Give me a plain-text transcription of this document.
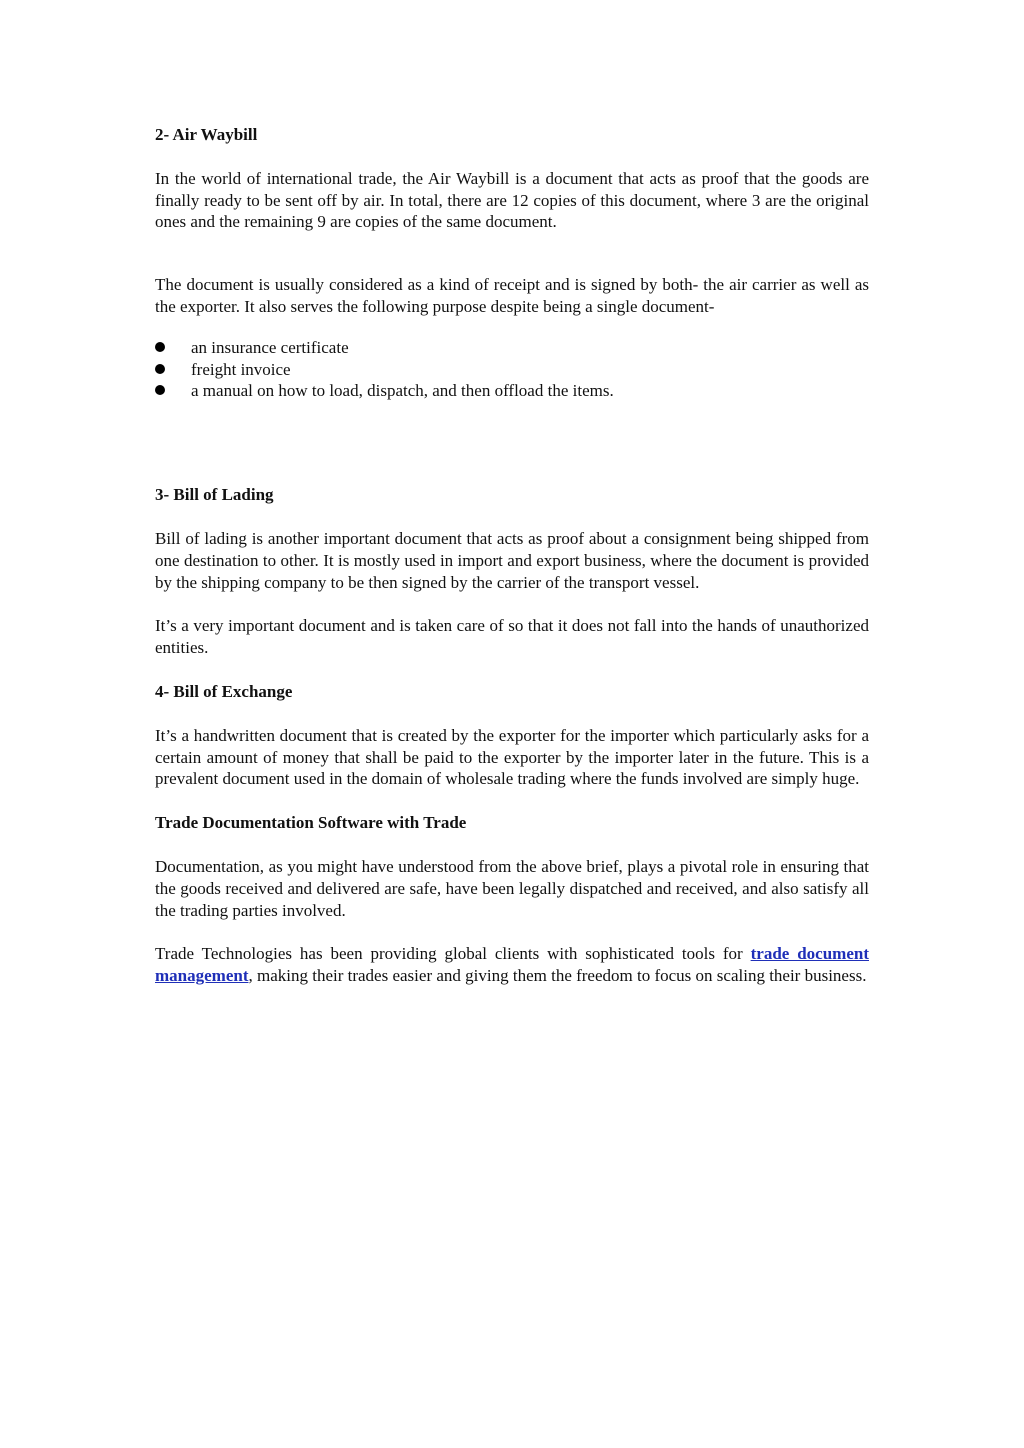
2- Air Waybill

In the world of international trade, the Air Waybill is a document that acts as proof that the goods are finally ready to be sent off by air. In total, there are 12 copies of this document, where 3 are the original ones and the remaining 9 are copies of the same document.

The document is usually considered as a kind of receipt and is signed by both- the air carrier as well as the exporter. It also serves the following purpose despite being a single document-

an insurance certificate
freight invoice
a manual on how to load, dispatch, and then offload the items.
3- Bill of Lading

Bill of lading is another important document that acts as proof about a consignment being shipped from one destination to other. It is mostly used in import and export business, where the document is provided by the shipping company to be then signed by the carrier of the transport vessel.

It’s a very important document and is taken care of so that it does not fall into the hands of unauthorized entities.

4- Bill of Exchange

It’s a handwritten document that is created by the exporter for the importer which particularly asks for a certain amount of money that shall be paid to the exporter by the importer later in the future. This is a prevalent document used in the domain of wholesale trading where the funds involved are simply huge.

Trade Documentation Software with Trade

Documentation, as you might have understood from the above brief, plays a pivotal role in ensuring that the goods received and delivered are safe, have been legally dispatched and received, and also satisfy all the trading parties involved.

Trade Technologies has been providing global clients with sophisticated tools for trade document management, making their trades easier and giving them the freedom to focus on scaling their business.
